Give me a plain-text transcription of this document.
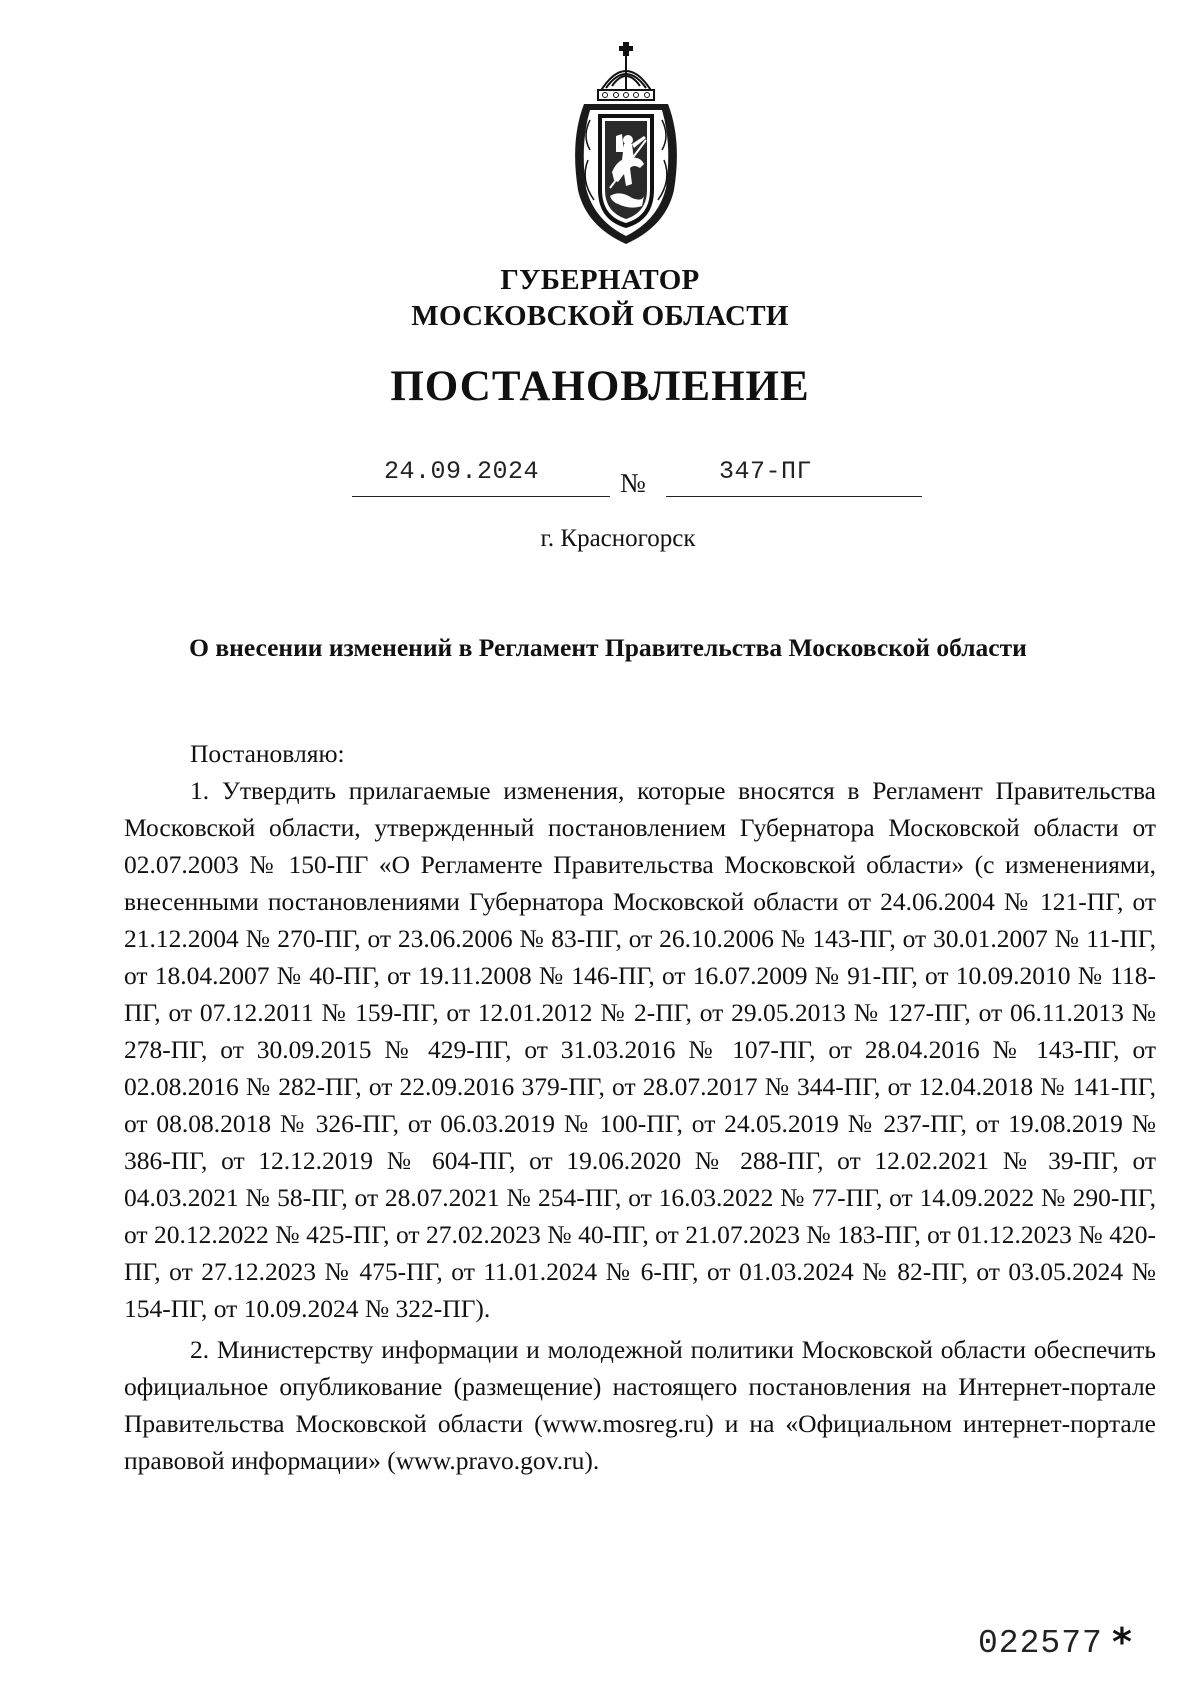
ГУБЕРНАТОР
МОСКОВСКОЙ ОБЛАСТИ
ПОСТАНОВЛЕНИЕ
24.09.2024	№	347-ПГ
г. Красногорск
О внесении изменений в Регламент Правительства Московской области

Постановляю:

1. Утвердить прилагаемые изменения, которые вносятся в Регламент Правительства Московской области, утвержденный постановлением Губернатора Московской области от 02.07.2003 № 150-ПГ «О Регламенте Правительства Московской области» (с изменениями, внесенными постановлениями Губернатора Московской области от 24.06.2004 № 121-ПГ, от 21.12.2004 № 270-ПГ, от 23.06.2006 № 83-ПГ, от 26.10.2006 № 143-ПГ, от 30.01.2007 № 11-ПГ, от 18.04.2007 № 40-ПГ, от 19.11.2008 № 146-ПГ, от 16.07.2009 № 91-ПГ, от 10.09.2010 № 118-ПГ, от 07.12.2011 № 159-ПГ, от 12.01.2012 № 2-ПГ, от 29.05.2013 № 127-ПГ, от 06.11.2013 № 278-ПГ, от 30.09.2015 № 429-ПГ, от 31.03.2016 № 107-ПГ, от 28.04.2016 № 143-ПГ, от 02.08.2016 № 282-ПГ, от 22.09.2016 379-ПГ, от 28.07.2017 № 344-ПГ, от 12.04.2018 № 141-ПГ, от 08.08.2018 № 326-ПГ, от 06.03.2019 № 100-ПГ, от 24.05.2019 № 237-ПГ, от 19.08.2019 № 386-ПГ, от 12.12.2019 № 604-ПГ, от 19.06.2020 № 288-ПГ, от 12.02.2021 № 39-ПГ, от 04.03.2021 № 58-ПГ, от 28.07.2021 № 254-ПГ, от 16.03.2022 № 77-ПГ, от 14.09.2022 № 290-ПГ, от 20.12.2022 № 425-ПГ, от 27.02.2023 № 40-ПГ, от 21.07.2023 № 183-ПГ, от 01.12.2023 № 420-ПГ, от 27.12.2023 № 475-ПГ, от 11.01.2024 № 6-ПГ, от 01.03.2024 № 82-ПГ, от 03.05.2024 № 154-ПГ, от 10.09.2024 № 322-ПГ).

2. Министерству информации и молодежной политики Московской области обеспечить официальное опубликование (размещение) настоящего постановления на Интернет-портале Правительства Московской области (www.mosreg.ru) и на «Официальном интернет-портале правовой информации» (www.pravo.gov.ru).

022577 *
